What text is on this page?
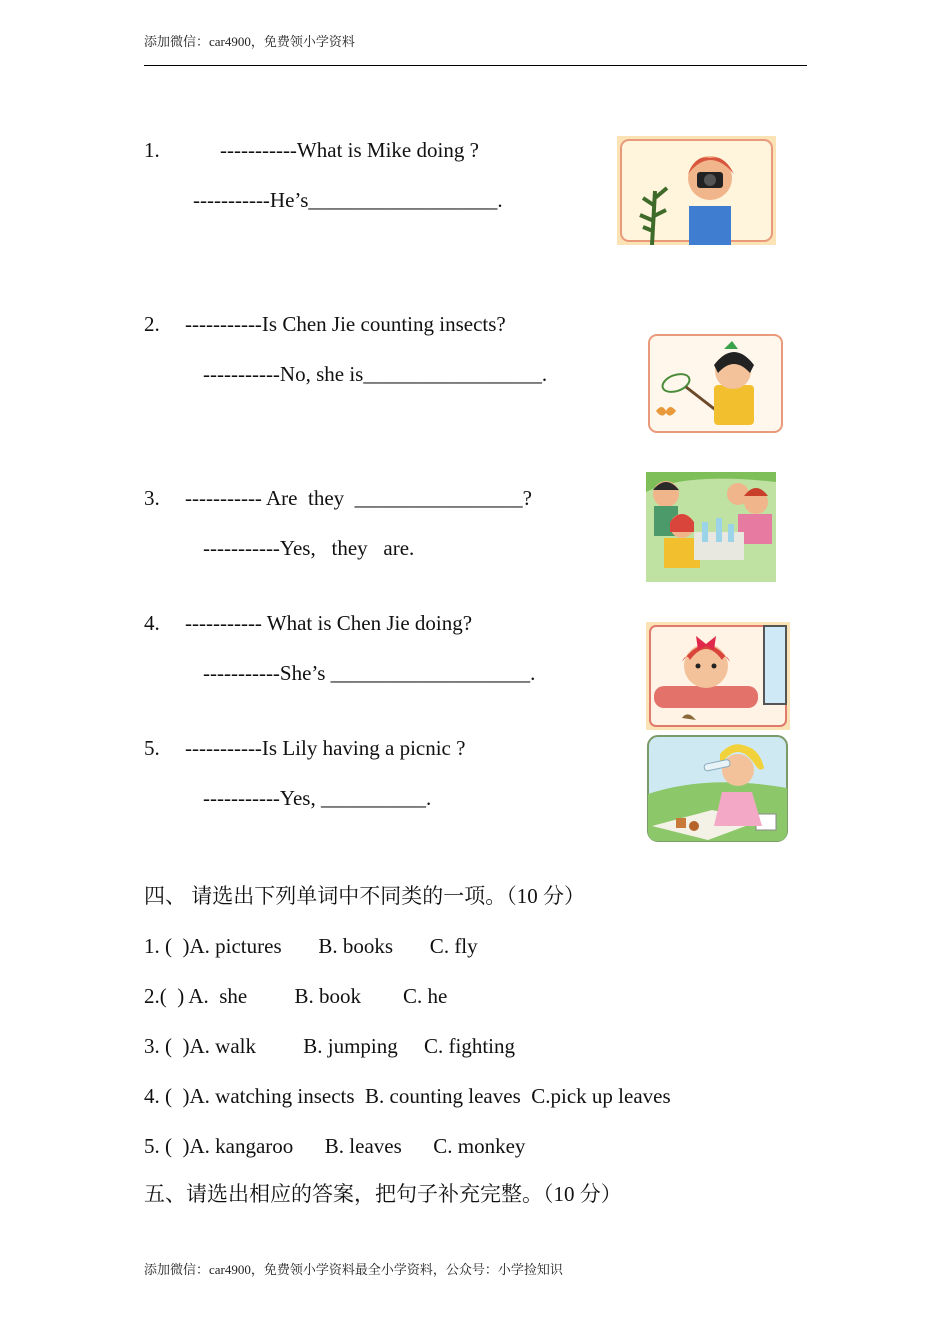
添加微信：car4900，免费领小学资料
1.	-----------What is Mike doing ?
-----------He’s__________________.
2. -----------Is Chen Jie counting insects?
-----------No, she is_________________.
3. ----------- Are  they  ________________?
-----------Yes,   they   are.
4. ----------- What is Chen Jie doing?
-----------She’s ___________________.
5. -----------Is Lily having a picnic ?
-----------Yes, __________.
四、 请选出下列单词中不同类的一项。（10 分）
1. (  )A. pictures       B. books       C. fly
2.(  ) A.  she         B. book        C. he
3. (  )A. walk         B. jumping     C. fighting
4. (  )A. watching insects  B. counting leaves  C.pick up leaves
5. (  )A. kangaroo      B. leaves      C. monkey
五、请选出相应的答案，把句子补充完整。（10 分）
添加微信：car4900，免费领小学资料最全小学资料，公众号：小学捡知识
